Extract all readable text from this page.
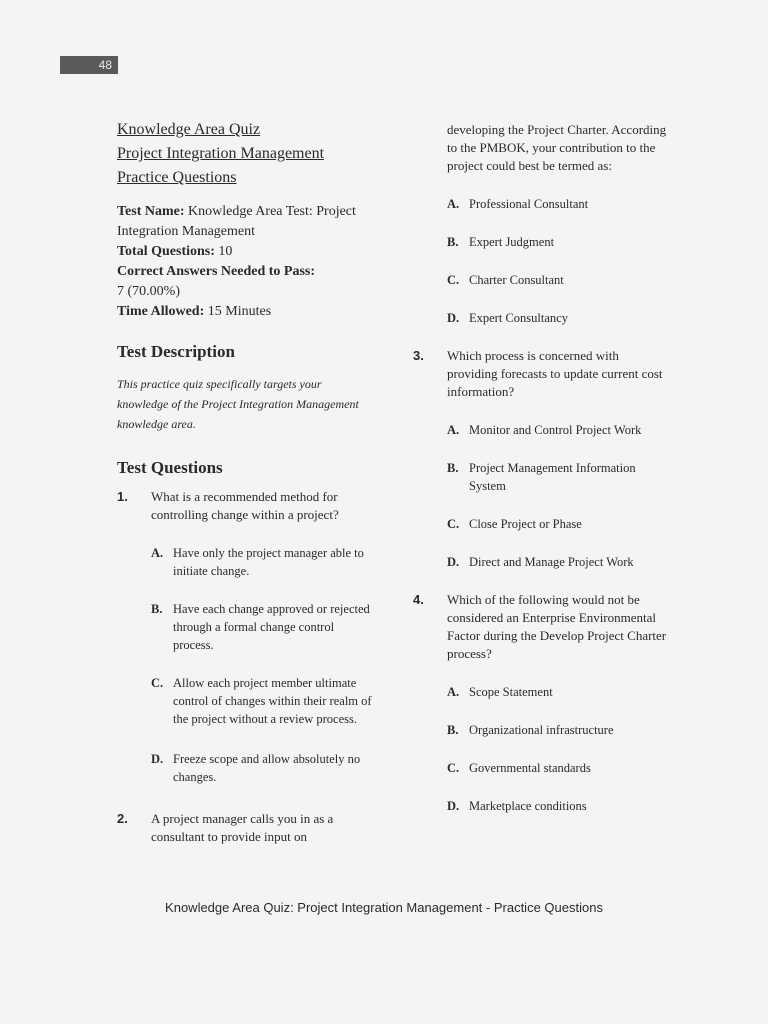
48
Knowledge Area Quiz
Project Integration Management
Practice Questions
Test Name: Knowledge Area Test: Project Integration Management
Total Questions: 10
Correct Answers Needed to Pass:
7 (70.00%)
Time Allowed: 15 Minutes
Test Description
This practice quiz specifically targets your knowledge of the Project Integration Management knowledge area.
Test Questions
1. What is a recommended method for controlling change within a project?
A. Have only the project manager able to initiate change.
B. Have each change approved or rejected through a formal change control process.
C. Allow each project member ultimate control of changes within their realm of the project without a review process.
D. Freeze scope and allow absolutely no changes.
2. A project manager calls you in as a consultant to provide input on
developing the Project Charter. According to the PMBOK, your contribution to the project could best be termed as:
A. Professional Consultant
B. Expert Judgment
C. Charter Consultant
D. Expert Consultancy
3. Which process is concerned with providing forecasts to update current cost information?
A. Monitor and Control Project Work
B. Project Management Information System
C. Close Project or Phase
D. Direct and Manage Project Work
4. Which of the following would not be considered an Enterprise Environmental Factor during the Develop Project Charter process?
A. Scope Statement
B. Organizational infrastructure
C. Governmental standards
D. Marketplace conditions
Knowledge Area Quiz: Project Integration Management - Practice Questions
